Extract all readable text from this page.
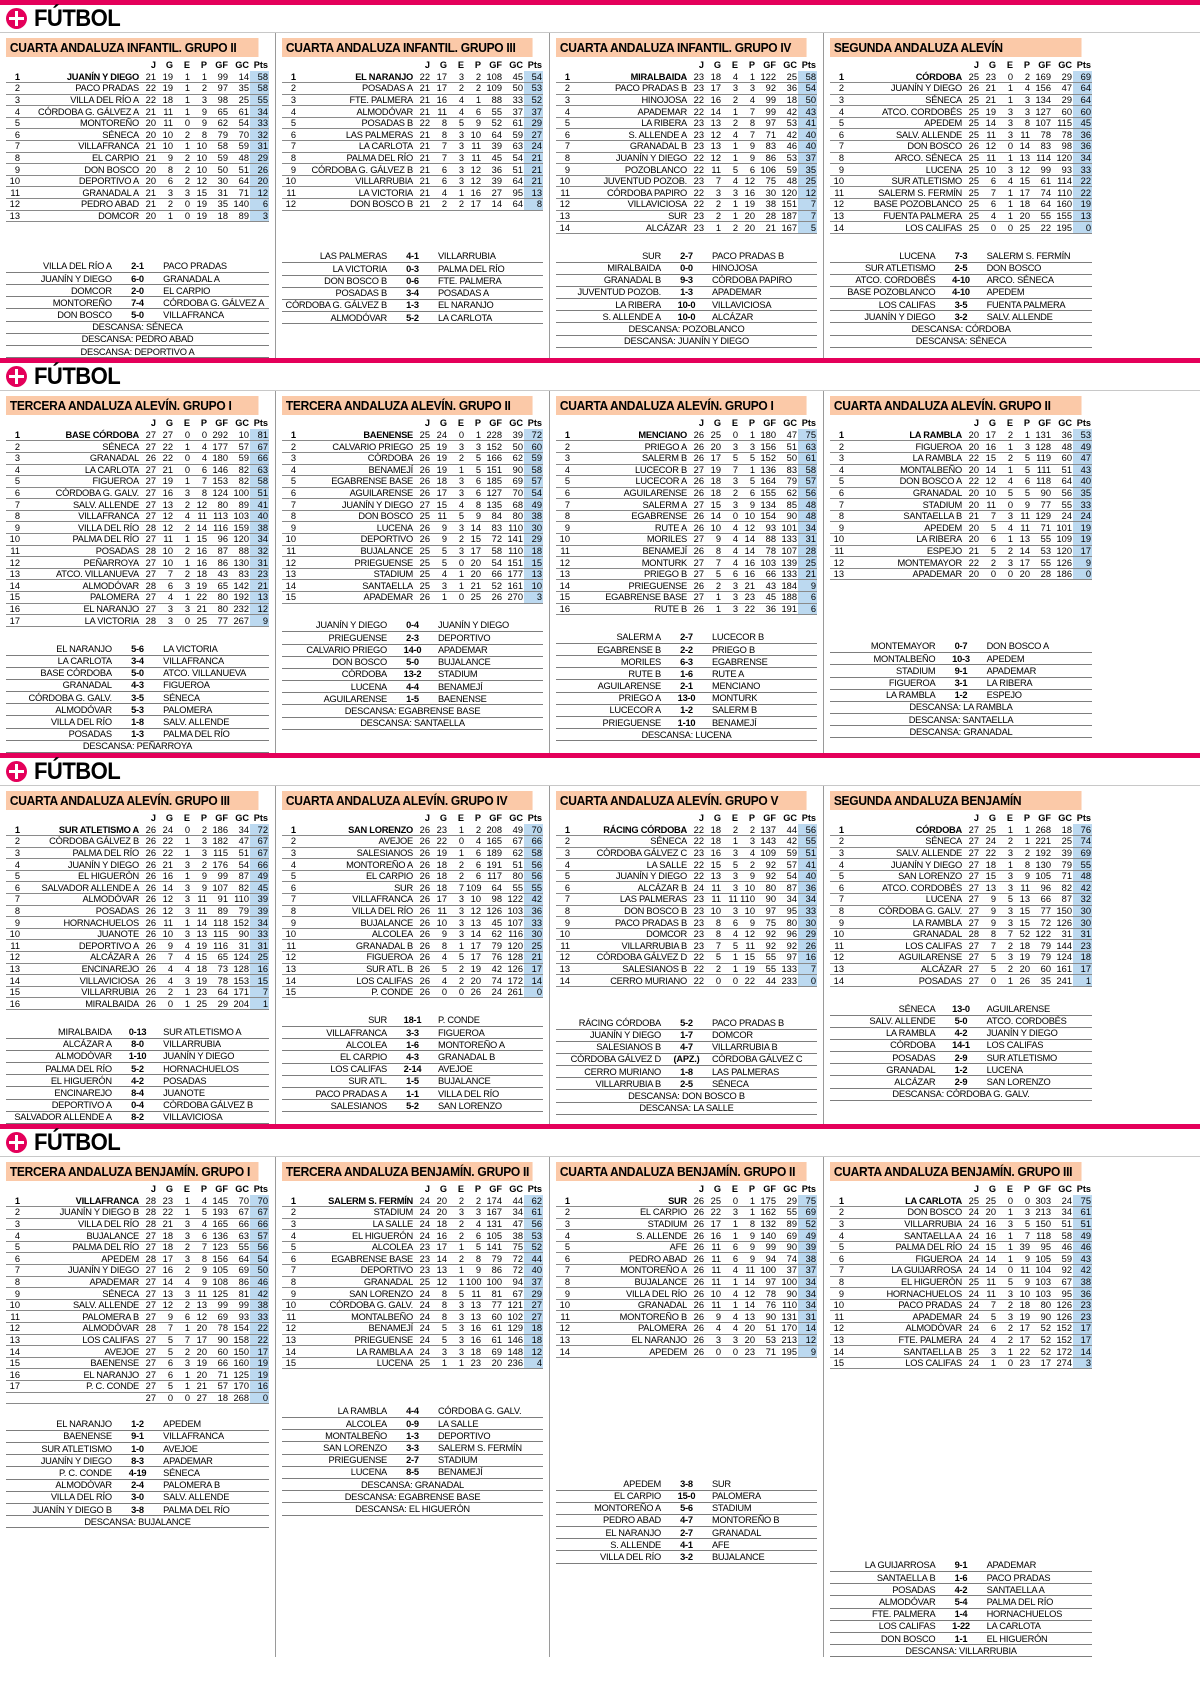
FÚTBOL
CUARTA ANDALUZA INFANTIL. GRUPO II
		J	G	E	P	GF	GC	Pts
1	JUANÍN Y DIEGO	21	19	1	1	99	14	58
2	PACO PRADAS	22	19	1	2	97	35	58
3	VILLA DEL RÍO A	22	18	1	3	98	25	55
4	CÓRDOBA G. GÁLVEZ A	21	11	1	9	65	61	34
5	MONTOREÑO	20	11	0	9	62	54	33
6	SÉNECA	20	10	2	8	79	70	32
7	VILLAFRANCA	21	10	1	10	58	59	31
8	EL CARPIO	21	9	2	10	59	48	29
9	DON BOSCO	20	8	2	10	50	51	26
10	DEPORTIVO A	20	6	2	12	30	64	20
11	GRANADAL A	21	3	3	15	31	71	12
12	PEDRO ABAD	21	2	0	19	35	140	6
13	DOMCOR	20	1	0	19	18	89	3
VILLA DEL RÍO A	2-1	PACO PRADAS
JUANÍN Y DIEGO	6-0	GRANADAL A
DOMCOR	2-0	EL CARPIO
MONTOREÑO	7-4	CÓRDOBA G. GÁLVEZ A
DON BOSCO	5-0	VILLAFRANCA
DESCANSA: SÉNECA		
DESCANSA: PEDRO ABAD		
DESCANSA: DEPORTIVO A		
CUARTA ANDALUZA INFANTIL. GRUPO III
		J	G	E	P	GF	GC	Pts
1	EL NARANJO	22	17	3	2	108	45	54
2	POSADAS A	21	17	2	2	109	50	53
3	FTE. PALMERA	21	16	4	1	88	33	52
4	ALMODÓVAR	21	11	4	6	55	37	37
5	POSADAS B	22	8	5	9	52	61	29
6	LAS PALMERAS	21	8	3	10	64	59	27
7	LA CARLOTA	21	7	3	11	39	63	24
8	PALMA DEL RÍO	21	7	3	11	45	54	21
9	CÓRDOBA G. GÁLVEZ B	21	6	3	12	36	51	21
10	VILLARRUBIA	21	6	3	12	39	64	21
11	LA VICTORIA	21	4	1	16	27	95	13
12	DON BOSCO B	21	2	2	17	14	64	8
LAS PALMERAS	4-1	VILLARRUBIA
LA VICTORIA	0-3	PALMA DEL RÍO
DON BOSCO B	0-6	FTE. PALMERA
POSADAS B	3-4	POSADAS A
CÓRDOBA G. GÁLVEZ B	1-3	EL NARANJO
ALMODÓVAR	5-2	LA CARLOTA
CUARTA ANDALUZA INFANTIL. GRUPO IV
		J	G	E	P	GF	GC	Pts
1	MIRALBAIDA	23	18	4	1	122	25	58
2	PACO PRADAS B	23	17	3	3	92	36	54
3	HINOJOSA	22	16	2	4	99	18	50
4	APADEMAR	22	14	1	7	99	42	43
5	LA RIBERA	23	13	2	8	97	53	41
6	S. ALLENDE A	23	12	4	7	71	42	40
7	GRANADAL B	23	13	1	9	83	46	40
8	JUANÍN Y DIEGO	22	12	1	9	86	53	37
9	POZOBLANCO	22	11	5	6	106	59	35
10	JUVENTUD POZOB.	23	7	4	12	75	48	25
11	CÓRDOBA PAPIRO	22	3	3	16	30	120	12
12	VILLAVICIOSA	22	2	1	19	38	151	7
13	SUR	23	2	1	20	28	187	7
14	ALCÁZAR	23	1	2	20	21	167	5
SUR	2-7	PACO PRADAS B
MIRALBAIDA	0-0	HINOJOSA
GRANADAL B	9-3	CÓRDOBA PAPIRO
JUVENTUD POZOB.	1-3	APADEMAR
LA RIBERA	10-0	VILLAVICIOSA
S. ALLENDE A	10-0	ALCÁZAR
DESCANSA: POZOBLANCO		
DESCANSA: JUANÍN Y DIEGO		
SEGUNDA ANDALUZA ALEVÍN
		J	G	E	P	GF	GC	Pts
1	CÓRDOBA	25	23	0	2	169	29	69
2	JUANÍN Y DIEGO	26	21	1	4	156	47	64
3	SÉNECA	25	21	1	3	134	29	64
4	ATCO. CORDOBÉS	25	19	3	3	127	60	60
5	APEDEM	25	14	3	8	107	115	45
6	SALV. ALLENDE	25	11	3	11	78	78	36
7	DON BOSCO	26	12	0	14	83	98	36
8	ARCO. SÉNECA	25	11	1	13	114	120	34
9	LUCENA	25	10	3	12	99	93	33
10	SUR ATLETISMO	25	6	4	15	61	114	22
11	SALERM S. FERMÍN	25	7	1	17	74	110	22
12	BASE POZOBLANCO	25	6	1	18	64	160	19
13	FUENTA PALMERA	25	4	1	20	55	155	13
14	LOS CALIFAS	25	0	0	25	22	195	0
LUCENA	7-3	SALERM S. FERMÍN
SUR ATLETISMO	2-5	DON BOSCO
ATCO. CORDOBÉS	4-10	ARCO. SÉNECA
BASE POZOBLANCO	4-10	APEDEM
LOS CALIFAS	3-5	FUENTA PALMERA
JUANÍN Y DIEGO	3-2	SALV. ALLENDE
DESCANSA: CÓRDOBA		
DESCANSA: SÉNECA		
FÚTBOL
TERCERA ANDALUZA ALEVÍN. GRUPO I
		J	G	E	P	GF	GC	Pts
1	BASE CÓRDOBA	27	27	0	0	292	10	81
2	SÉNECA	27	22	1	4	177	57	67
3	GRANADAL	26	22	0	4	180	59	66
4	LA CARLOTA	27	21	0	6	146	82	63
5	FIGUEROA	27	19	1	7	153	82	58
6	CÓRDOBA G. GALV.	27	16	3	8	124	100	51
7	SALV. ALLENDE	27	13	2	12	80	89	41
8	VILLAFRANCA	27	12	4	11	113	103	40
9	VILLA DEL RÍO	28	12	2	14	116	159	38
10	PALMA DEL RÍO	27	11	1	15	96	120	34
11	POSADAS	28	10	2	16	87	88	32
12	PEÑARROYA	27	10	1	16	86	130	31
13	ATCO. VILLANUEVA	27	7	2	18	43	83	23
14	ALMODÓVAR	28	6	3	19	65	142	21
15	PALOMERA	27	4	1	22	80	192	13
16	EL NARANJO	27	3	3	21	80	232	12
17	LA VICTORIA	28	3	0	25	77	267	9
EL NARANJO	5-6	LA VICTORIA
LA CARLOTA	3-4	VILLAFRANCA
BASE CÓRDOBA	5-0	ATCO. VILLANUEVA
GRANADAL	4-3	FIGUEROA
CÓRDOBA G. GALV.	3-5	SÉNECA
ALMODÓVAR	5-3	PALOMERA
VILLA DEL RÍO	1-8	SALV. ALLENDE
POSADAS	1-3	PALMA DEL RÍO
DESCANSA: PEÑARROYA		
TERCERA ANDALUZA ALEVÍN. GRUPO II
		J	G	E	P	GF	GC	Pts
1	BAENENSE	25	24	0	1	228	39	72
2	CALVARIO PRIEGO	25	19	3	3	152	50	60
3	CÓRDOBA	26	19	2	5	166	62	59
4	BENAMEJÍ	26	19	1	5	151	90	58
5	EGABRENSE BASE	26	18	3	6	185	69	57
6	AGUILARENSE	26	17	3	6	127	70	54
7	JUANÍN Y DIEGO	27	15	4	8	135	68	49
8	DON BOSCO	25	11	5	9	84	80	38
9	LUCENA	26	9	3	14	83	110	30
10	DEPORTIVO	26	9	2	15	72	141	29
11	BUJALANCE	25	5	3	17	58	110	18
12	PRIEGUENSE	25	5	0	20	54	151	15
13	STADIUM	25	4	1	20	66	177	13
14	SANTAELLA	25	3	1	21	52	161	10
15	APADEMAR	26	1	0	25	26	270	3
JUANÍN Y DIEGO	0-4	JUANÍN Y DIEGO
PRIEGUENSE	2-3	DEPORTIVO
CALVARIO PRIEGO	14-0	APADEMAR
DON BOSCO	5-0	BUJALANCE
CÓRDOBA	13-2	STADIUM
LUCENA	4-4	BENAMEJÍ
AGUILARENSE	1-5	BAENENSE
DESCANSA: EGABRENSE BASE		
DESCANSA: SANTAELLA		
CUARTA ANDALUZA ALEVÍN. GRUPO I
		J	G	E	P	GF	GC	Pts
1	MENCIANO	26	25	0	1	180	47	75
2	PRIEGO A	26	20	3	3	156	51	63
3	SALERM B	26	17	5	5	152	50	61
4	LUCECOR B	27	19	7	1	136	83	58
5	LUCECOR A	26	18	3	5	164	79	57
6	AGUILARENSE	26	18	2	6	155	62	56
7	SALERM A	27	15	3	9	134	85	48
8	EGABRENSE	26	14	0	10	154	90	48
9	RUTE A	26	10	4	12	93	101	34
10	MORILES	27	9	4	14	88	133	31
11	BENAMEJÍ	26	8	4	14	78	107	28
12	MONTURK	27	7	4	16	103	139	25
13	PRIEGO B	27	5	6	16	66	133	21
14	PRIEGUENSE	26	2	3	21	43	184	9
15	EGABRENSE BASE	27	1	3	23	45	188	6
16	RUTE B	26	1	3	22	36	191	6
SALERM A	2-7	LUCECOR B
EGABRENSE B	2-2	PRIEGO B
MORILES	6-3	EGABRENSE
RUTE B	1-6	RUTE A
AGUILARENSE	2-1	MENCIANO
PRIEGO A	13-0	MONTURK
LUCECOR A	1-2	SALERM B
PRIEGUENSE	1-10	BENAMEJÍ
DESCANSA: LUCENA		
CUARTA ANDALUZA ALEVÍN. GRUPO II
		J	G	E	P	GF	GC	Pts
1	LA RAMBLA	20	17	2	1	131	36	53
2	FIGUEROA	20	16	1	3	128	48	49
3	LA RAMBLA	22	15	2	5	119	60	47
4	MONTALBEÑO	20	14	1	5	111	51	43
5	DON BOSCO A	22	12	4	6	118	64	40
6	GRANADAL	20	10	5	5	90	56	35
7	STADIUM	20	11	0	9	77	55	33
8	SANTAELLA B	21	7	3	11	129	24	24
9	APEDEM	20	5	4	11	71	101	19
10	LA RIBERA	20	6	1	13	55	109	19
11	ESPEJO	21	5	2	14	53	120	17
12	MONTEMAYOR	22	2	3	17	55	126	9
13	APADEMAR	20	0	0	20	28	186	0
MONTEMAYOR	0-7	DON BOSCO A
MONTALBEÑO	10-3	APEDEM
STADIUM	9-1	APADEMAR
FIGUEROA	3-1	LA RIBERA
LA RAMBLA	1-2	ESPEJO
DESCANSA: LA RAMBLA		
DESCANSA: SANTAELLA		
DESCANSA: GRANADAL		
FÚTBOL
CUARTA ANDALUZA ALEVÍN. GRUPO III
		J	G	E	P	GF	GC	Pts
1	SUR ATLETISMO A	26	24	0	2	186	34	72
2	CÓRDOBA GÁLVEZ B	26	22	1	3	182	47	67
3	PALMA DEL RÍO	26	22	1	3	115	51	67
4	JUANÍN Y DIEGO	26	21	3	2	176	54	66
5	EL HIGUERÓN	26	16	1	9	99	87	49
6	SALVADOR ALLENDE A	26	14	3	9	107	82	45
7	ALMODÓVAR	26	12	3	11	91	110	39
8	POSADAS	26	12	3	11	89	79	39
9	HORNACHUELOS	26	11	1	14	118	152	34
10	JUANOTE	26	10	3	13	115	90	33
11	DEPORTIVO A	26	9	4	19	116	31	31
12	ALCÁZAR A	26	7	4	15	65	124	25
13	ENCINAREJO	26	4	4	18	73	128	16
14	VILLAVICIOSA	26	4	3	19	78	153	15
15	VILLARRUBIA	26	2	1	23	64	171	7
16	MIRALBAIDA	26	0	1	25	29	204	1
MIRALBAIDA	0-13	SUR ATLETISMO A
ALCÁZAR A	8-0	VILLARRUBIA
ALMODÓVAR	1-10	JUANÍN Y DIEGO
PALMA DEL RÍO	5-2	HORNACHUELOS
EL HIGUERÓN	4-2	POSADAS
ENCINAREJO	8-4	JUANOTE
DEPORTIVO A	0-4	CÓRDOBA GÁLVEZ B
SALVADOR ALLENDE A	8-2	VILLAVICIOSA
CUARTA ANDALUZA ALEVÍN. GRUPO IV
		J	G	E	P	GF	GC	Pts
1	SAN LORENZO	26	23	1	2	208	49	70
2	AVEJOE	26	22	0	4	165	67	66
3	SALESIANOS	26	19	1	6	189	62	58
4	MONTOREÑO A	26	18	2	6	191	51	56
5	EL CARPIO	26	18	2	6	117	80	56
6	SUR	26	18	7	109	64	55	55
7	VILLAFRANCA	26	17	3	10	98	122	42
8	VILLA DEL RÍO	26	11	3	12	126	103	36
9	BUJALANCE	26	10	3	13	45	107	33
10	ALCOLEA	26	9	3	14	62	116	30
11	GRANADAL B	26	8	1	17	79	120	25
12	FIGUEROA	26	4	5	17	76	128	21
13	SUR ATL. B	26	5	2	19	42	126	17
14	LOS CALIFAS	26	4	2	20	74	172	14
15	P. CONDE	26	0	0	26	24	261	0
SUR	18-1	P. CONDE
VILLAFRANCA	3-3	FIGUEROA
ALCOLEA	1-6	MONTOREÑO A
EL CARPIO	4-3	GRANADAL B
LOS CALIFAS	2-14	AVEJOE
SUR ATL.	1-5	BUJALANCE
PACO PRADAS A	1-1	VILLA DEL RÍO
SALESIANOS	5-2	SAN LORENZO
CUARTA ANDALUZA ALEVÍN. GRUPO V
		J	G	E	P	GF	GC	Pts
1	RÁCING CÓRDOBA	22	18	2	2	137	44	56
2	SÉNECA	22	18	1	3	143	42	55
3	CÓRDOBA GÁLVEZ C	23	16	3	4	109	59	51
4	LA SALLE	22	15	5	2	92	57	41
5	JUANÍN Y DIEGO	22	13	3	9	92	54	40
6	ALCÁZAR B	24	11	3	10	80	87	36
7	LAS PALMERAS	23	11	11	110	90	34	34
8	DON BOSCO B	23	10	3	10	97	95	33
9	PACO PRADAS B	23	8	6	9	75	80	30
10	DOMCOR	23	8	4	12	92	96	29
11	VILLARRUBIA B	23	7	5	11	92	92	26
12	CÓRDOBA GÁLVEZ D	22	5	1	15	55	97	16
13	SALESIANOS B	22	2	1	19	55	133	7
14	CERRO MURIANO	22	0	0	22	44	233	0
RÁCING CÓRDOBA	5-2	PACO PRADAS B
JUANÍN Y DIEGO	1-7	DOMCOR
SALESIANOS B	4-7	VILLARRUBIA B
CÓRDOBA GÁLVEZ D	(APZ.)	CÓRDOBA GÁLVEZ C
CERRO MURIANO	1-8	LAS PALMERAS
VILLARRUBIA B	2-5	SÉNECA
DESCANSA: DON BOSCO B		
DESCANSA: LA SALLE		
SEGUNDA ANDALUZA BENJAMÍN
		J	G	E	P	GF	GC	Pts
1	CÓRDOBA	27	25	1	1	268	18	76
2	SÉNECA	27	24	2	1	221	25	74
3	SALV. ALLENDE	27	22	3	2	192	39	69
4	JUANÍN Y DIEGO	27	18	1	8	130	79	55
5	SAN LORENZO	27	15	3	9	105	71	48
6	ATCO. CORDOBÉS	27	13	3	11	96	82	42
7	LUCENA	27	9	5	13	66	87	32
8	CÓRDOBA G. GALV.	27	9	3	15	77	150	30
9	LA RAMBLA	27	9	3	15	72	126	30
10	GRANADAL	28	8	7	52	122	31	31
11	LOS CALIFAS	27	7	2	18	79	144	23
12	AGUILARENSE	27	5	3	19	79	124	18
13	ALCÁZAR	27	5	2	20	60	161	17
14	POSADAS	27	0	1	26	35	241	1
SÉNECA	13-0	AGUILARENSE
SALV. ALLENDE	5-0	ATCO. CORDOBÉS
LA RAMBLA	4-2	JUANÍN Y DIEGO
CÓRDOBA	14-1	LOS CALIFAS
POSADAS	2-9	SUR ATLETISMO
GRANADAL	1-2	LUCENA
ALCÁZAR	2-9	SAN LORENZO
DESCANSA: CÓRDOBA G. GALV.		
FÚTBOL
TERCERA ANDALUZA BENJAMÍN. GRUPO I
		J	G	E	P	GF	GC	Pts
1	VILLAFRANCA	28	23	1	4	145	70	70
2	JUANÍN Y DIEGO B	28	22	1	5	193	67	67
3	VILLA DEL RÍO	28	21	3	4	165	66	66
4	BUJALANCE	27	18	3	6	136	63	57
5	PALMA DEL RÍO	27	18	2	7	123	55	56
6	APEDEM	28	17	3	8	156	64	54
7	JUANÍN Y DIEGO	27	16	2	9	105	69	50
8	APADEMAR	27	14	4	9	108	86	46
9	SÉNECA	27	13	3	11	125	81	42
10	SALV. ALLENDE	27	12	2	13	99	99	38
11	PALOMERA B	27	9	6	12	69	93	33
12	ALMODÓVAR	28	7	1	20	78	154	22
13	LOS CALIFAS	27	5	7	17	90	158	22
14	AVEJOE	27	5	2	20	60	150	17
15	BAENENSE	27	6	3	19	66	160	19
16	EL NARANJO	27	6	1	20	71	125	19
17	P. C. CONDE	27	5	1	21	57	170	16
		27	0	0	27	18	268	0
EL NARANJO	1-2	APEDEM
BAENENSE	9-1	VILLAFRANCA
SUR ATLETISMO	1-0	AVEJOE
JUANÍN Y DIEGO	8-3	APADEMAR
P. C. CONDE	4-19	SÉNECA
ALMODÓVAR	2-4	PALOMERA B
VILLA DEL RÍO	3-0	SALV. ALLENDE
JUANÍN Y DIEGO B	3-8	PALMA DEL RÍO
DESCANSA: BUJALANCE		
TERCERA ANDALUZA BENJAMÍN. GRUPO II
		J	G	E	P	GF	GC	Pts
1	SALERM S. FERMÍN	24	20	2	2	174	44	62
2	STADIUM	24	20	3	3	167	34	61
3	LA SALLE	24	18	2	4	131	47	56
4	EL HIGUERÓN	24	16	2	6	105	38	53
5	ALCOLEA	23	17	1	5	141	75	52
6	EGABRENSE BASE	23	14	2	8	79	72	44
7	DEPORTIVO	23	13	1	9	86	72	40
8	GRANADAL	25	12	1	100	100	94	37
9	SAN LORENZO	24	8	5	11	81	67	29
10	CÓRDOBA G. GALV.	24	8	3	13	77	121	27
11	MONTALBEÑO	24	8	3	13	60	102	27
12	BENAMEJÍ	24	5	3	16	61	129	18
13	PRIEGUENSE	24	5	3	16	61	146	18
14	LA RAMBLA A	24	3	3	18	69	148	12
15	LUCENA	25	1	1	23	20	236	4
LA RAMBLA	4-4	CÓRDOBA G. GALV.
ALCOLEA	0-9	LA SALLE
MONTALBEÑO	1-3	DEPORTIVO
SAN LORENZO	3-3	SALERM S. FERMÍN
PRIEGUENSE	2-7	STADIUM
LUCENA	8-5	BENAMEJÍ
DESCANSA: GRANADAL		
DESCANSA: EGABRENSE BASE		
DESCANSA: EL HIGUERÓN		
CUARTA ANDALUZA BENJAMÍN. GRUPO II
		J	G	E	P	GF	GC	Pts
1	SUR	26	25	0	1	175	29	75
2	EL CARPIO	26	22	3	1	162	55	69
3	STADIUM	26	17	1	8	132	89	52
4	S. ALLENDE	26	16	1	9	140	69	49
5	AFE	26	11	6	9	99	90	39
6	PEDRO ABAD	26	11	6	9	94	74	38
7	MONTOREÑO A	26	11	4	11	100	37	37
8	BUJALANCE	26	11	1	14	97	100	34
9	VILLA DEL RÍO	26	10	4	12	78	90	34
10	GRANADAL	26	11	1	14	76	110	34
11	MONTOREÑO B	26	9	4	13	90	131	31
12	PALOMERA	26	4	4	20	51	170	14
13	EL NARANJO	26	3	3	20	53	213	12
14	APEDEM	26	0	0	23	71	195	9
APEDEM	3-8	SUR
EL CARPIO	15-0	PALOMERA
MONTOREÑO A	5-6	STADIUM
PEDRO ABAD	4-7	MONTOREÑO B
EL NARANJO	2-7	GRANADAL
S. ALLENDE	4-1	AFE
VILLA DEL RÍO	3-2	BUJALANCE
CUARTA ANDALUZA BENJAMÍN. GRUPO III
		J	G	E	P	GF	GC	Pts
1	LA CARLOTA	25	25	0	0	303	24	75
2	DON BOSCO	24	20	1	3	213	34	61
3	VILLARRUBIA	24	16	3	5	150	51	51
4	SANTAELLA A	24	16	1	7	118	58	49
5	PALMA DEL RÍO	24	15	1	39	95	46	46
6	FIGUEROA	24	14	1	9	105	59	43
7	LA GUIJARROSA	24	14	0	11	104	92	42
8	EL HIGUERÓN	25	11	5	9	103	67	38
9	HORNACHUELOS	24	11	3	10	103	95	36
10	PACO PRADAS	24	7	2	18	80	126	23
11	APADEMAR	24	5	3	19	90	126	23
12	ALMODÓVAR	24	6	2	17	52	152	17
13	FTE. PALMERA	24	4	2	17	52	152	17
14	SANTAELLA B	25	3	1	22	52	172	14
15	LOS CALIFAS	24	1	0	23	17	274	3
LA GUIJARROSA	9-1	APADEMAR
SANTAELLA B	1-6	PACO PRADAS
POSADAS	4-2	SANTAELLA A
ALMODÓVAR	5-4	PALMA DEL RÍO
FTE. PALMERA	1-4	HORNACHUELOS
LOS CALIFAS	1-22	LA CARLOTA
DON BOSCO	1-1	EL HIGUERÓN
DESCANSA: VILLARRUBIA		
